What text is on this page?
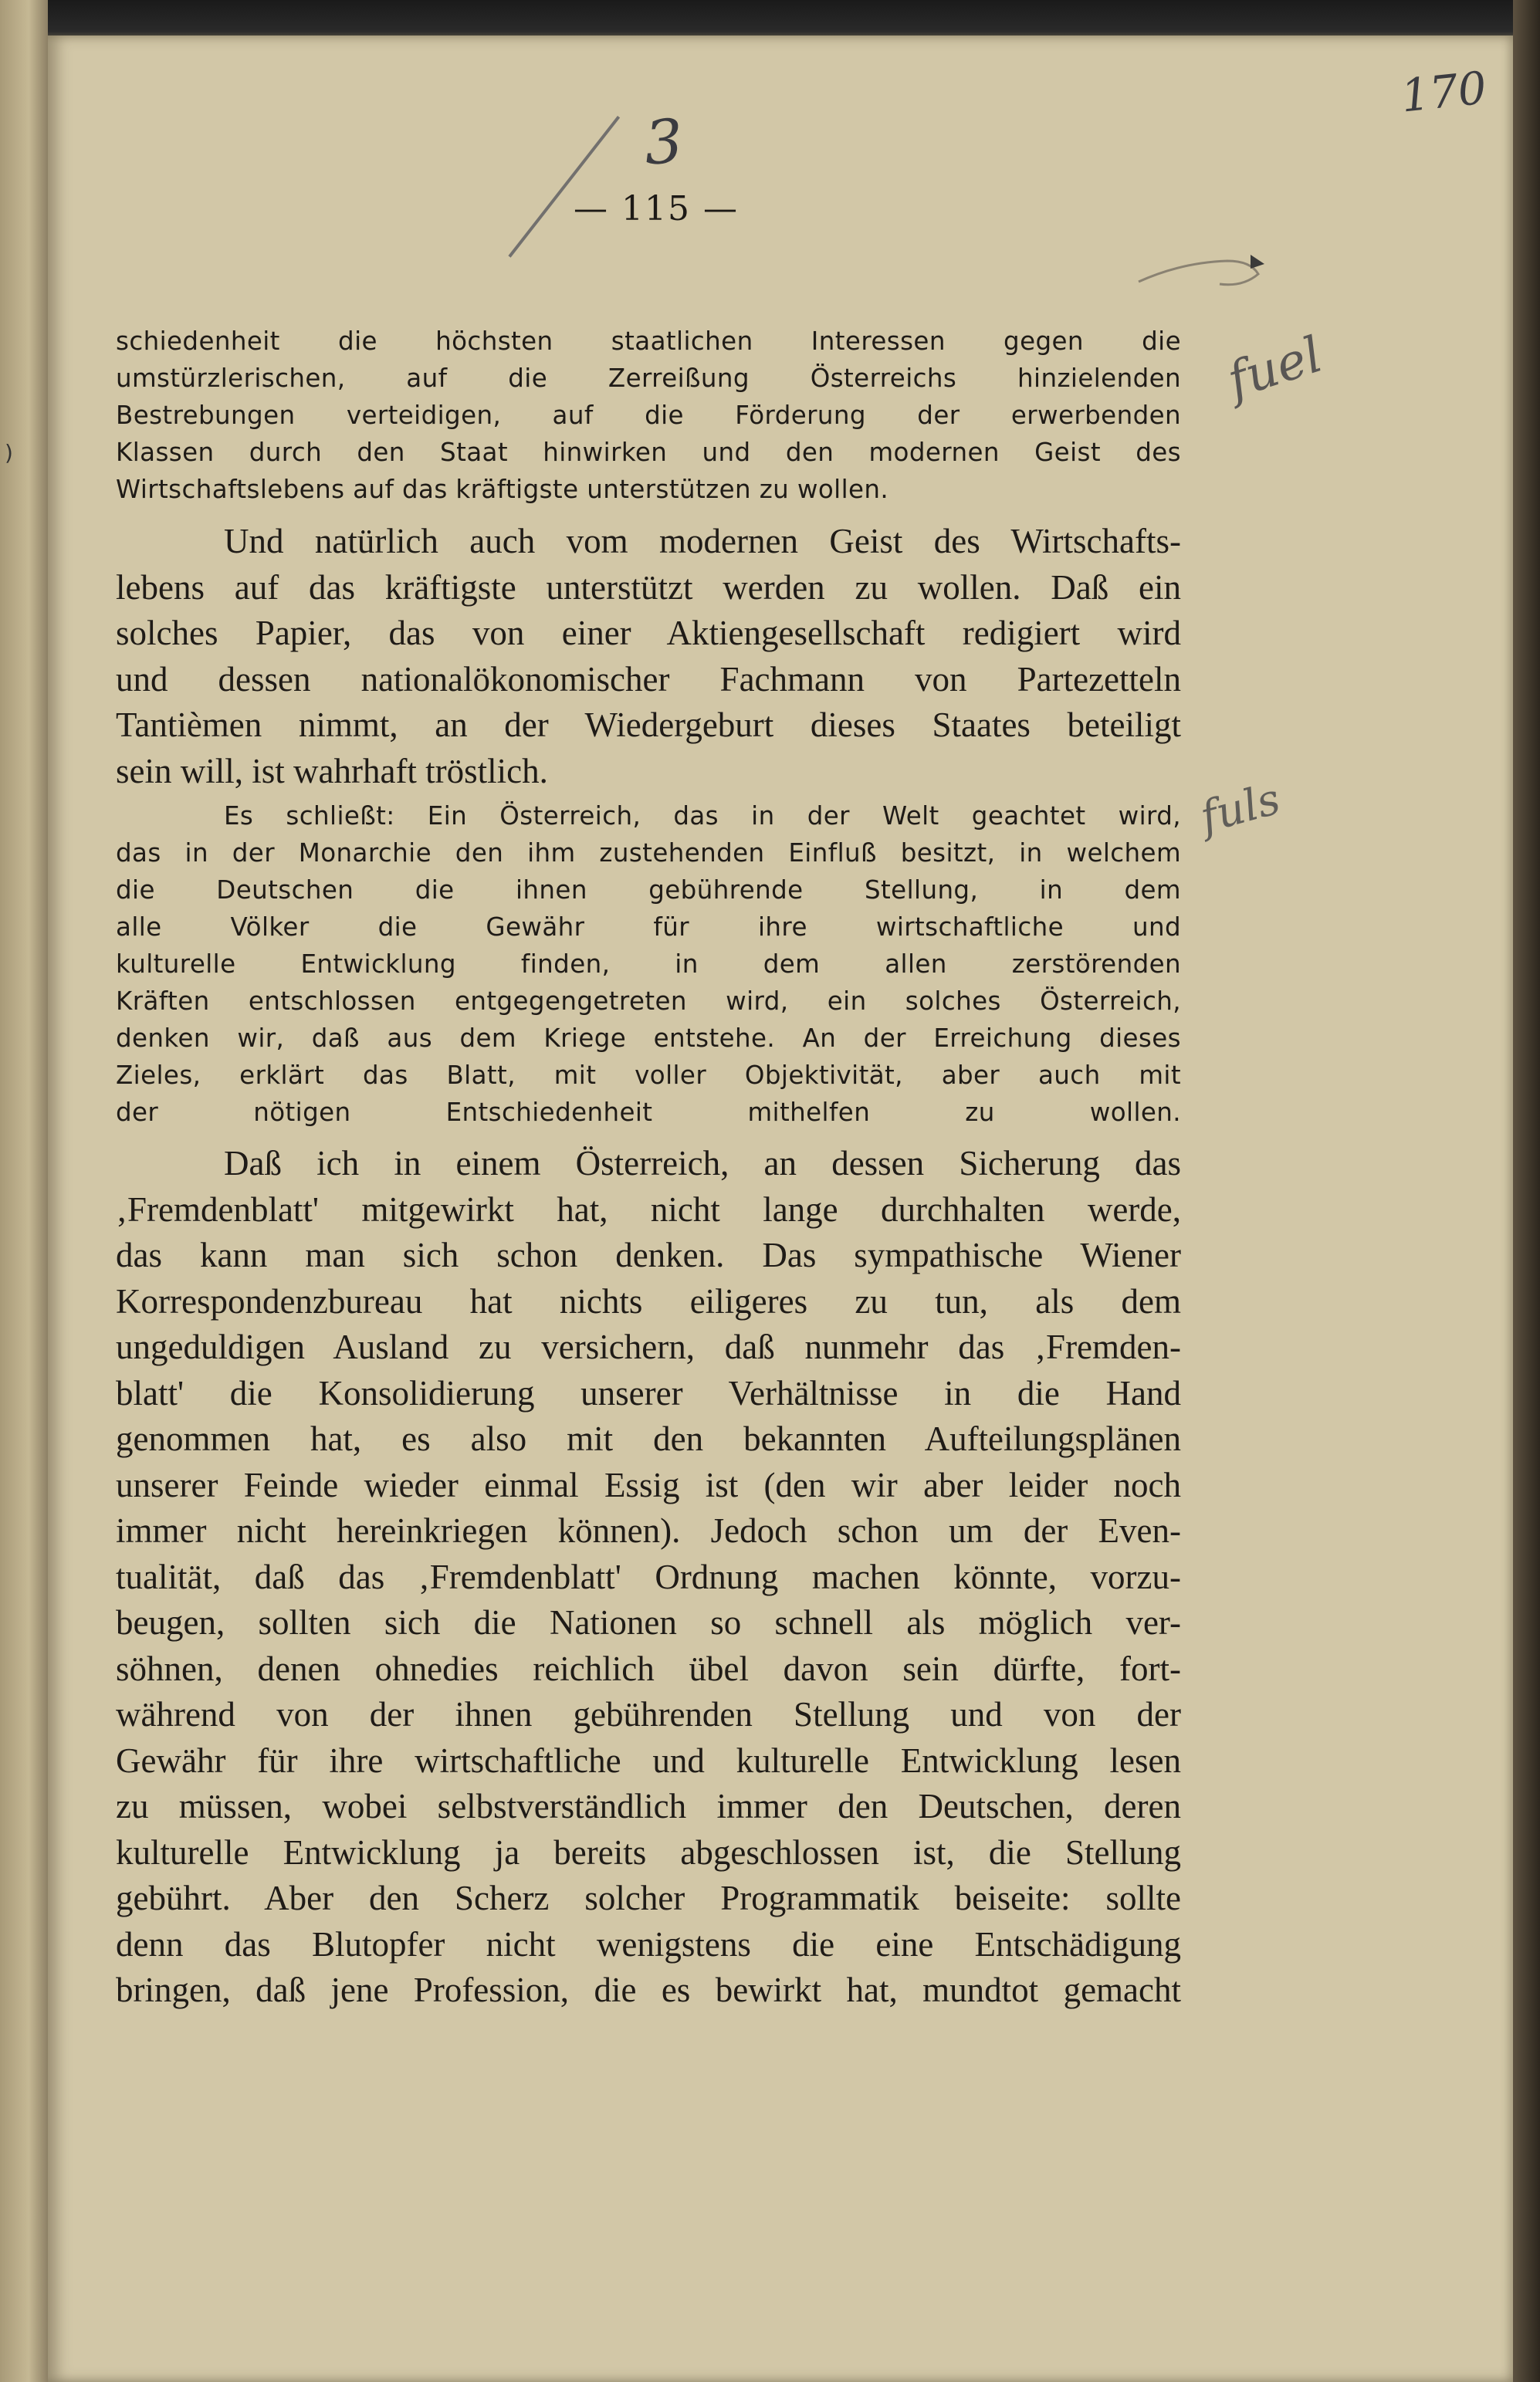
)
170
3
fuel
fuls
— 115 —
schiedenheit die höchsten staatlichen Interessen gegen die
umstürzlerischen, auf die Zerreißung Österreichs hinzielenden
Bestrebungen verteidigen, auf die Förderung der erwerbenden
Klassen durch den Staat hinwirken und den modernen Geist des
Wirtschaftslebens auf das kräftigste unterstützen zu wollen.
Und natürlich auch vom modernen Geist des Wirtschafts-
lebens auf das kräftigste unterstützt werden zu wollen. Daß ein
solches Papier, das von einer Aktiengesellschaft redigiert wird
und dessen nationalökonomischer Fachmann von Partezetteln
Tantièmen nimmt, an der Wiedergeburt dieses Staates beteiligt
sein will, ist wahrhaft tröstlich.
Es schließt: Ein Österreich, das in der Welt geachtet wird,
das in der Monarchie den ihm zustehenden Einfluß besitzt, in welchem
die Deutschen die ihnen gebührende Stellung, in dem
alle Völker die Gewähr für ihre wirtschaftliche und
kulturelle Entwicklung finden, in dem allen zerstörenden
Kräften entschlossen entgegengetreten wird, ein solches Österreich,
denken wir, daß aus dem Kriege entstehe. An der Erreichung dieses
Zieles, erklärt das Blatt, mit voller Objektivität, aber auch mit
der nötigen Entschiedenheit mithelfen zu wollen.
Daß ich in einem Österreich, an dessen Sicherung das
‚Fremdenblatt' mitgewirkt hat, nicht lange durchhalten werde,
das kann man sich schon denken. Das sympathische Wiener
Korrespondenzbureau hat nichts eiligeres zu tun, als dem
ungeduldigen Ausland zu versichern, daß nunmehr das ‚Fremden-
blatt' die Konsolidierung unserer Verhältnisse in die Hand
genommen hat, es also mit den bekannten Aufteilungsplänen
unserer Feinde wieder einmal Essig ist (den wir aber leider noch
immer nicht hereinkriegen können). Jedoch schon um der Even-
tualität, daß das ‚Fremdenblatt' Ordnung machen könnte, vorzu-
beugen, sollten sich die Nationen so schnell als möglich ver-
söhnen, denen ohnedies reichlich übel davon sein dürfte, fort-
während von der ihnen gebührenden Stellung und von der
Gewähr für ihre wirtschaftliche und kulturelle Entwicklung lesen
zu müssen, wobei selbstverständlich immer den Deutschen, deren
kulturelle Entwicklung ja bereits abgeschlossen ist, die Stellung
gebührt. Aber den Scherz solcher Programmatik beiseite: sollte
denn das Blutopfer nicht wenigstens die eine Entschädigung
bringen, daß jene Profession, die es bewirkt hat, mundtot gemacht
